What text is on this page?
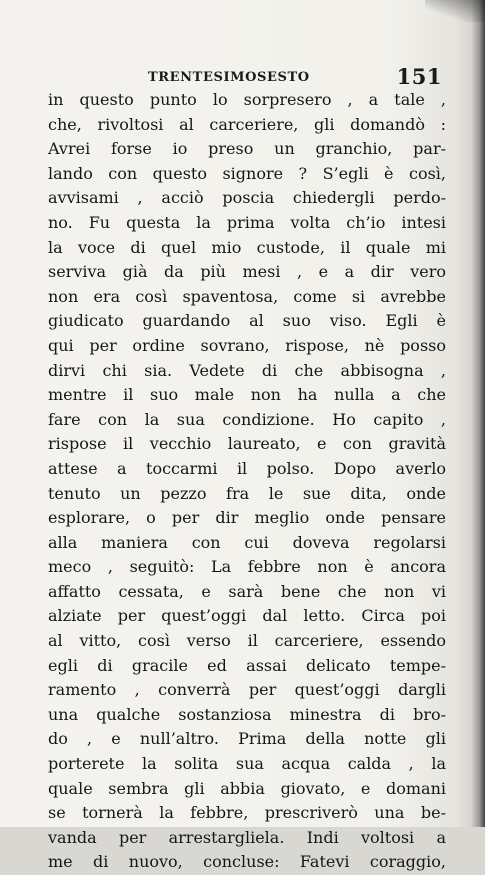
TRENTESIMOSESTO	151
in questo punto lo sorpresero , a tale ,
che, rivoltosi al carceriere, gli domandò :
Avrei forse io preso un granchio, par-
lando con questo signore ? S’egli è così,
avvisami , acciò poscia chiedergli perdo-
no. Fu questa la prima volta ch’io intesi
la voce di quel mio custode, il quale mi
serviva già da più mesi , e a dir vero
non era così spaventosa, come si avrebbe
giudicato guardando al suo viso. Egli è
qui per ordine sovrano, rispose, nè posso
dirvi chi sia. Vedete di che abbisogna ,
mentre il suo male non ha nulla a che
fare con la sua condizione. Ho capito ,
rispose il vecchio laureato, e con gravità
attese a toccarmi il polso. Dopo averlo
tenuto un pezzo fra le sue dita, onde
esplorare, o per dir meglio onde pensare
alla maniera con cui doveva regolarsi
meco , seguitò: La febbre non è ancora
affatto cessata, e sarà bene che non vi
alziate per quest’oggi dal letto. Circa poi
al vitto, così verso il carceriere, essendo
egli di gracile ed assai delicato tempe-
ramento , converrà per quest’oggi dargli
una qualche sostanziosa minestra di bro-
do , e null’altro. Prima della notte gli
porterete la solita sua acqua calda , la
quale sembra gli abbia giovato, e domani
se tornerà la febbre, prescriverò una be-
vanda per arrestargliela. Indi voltosi a
me di nuovo, concluse: Fatevi coraggio,
